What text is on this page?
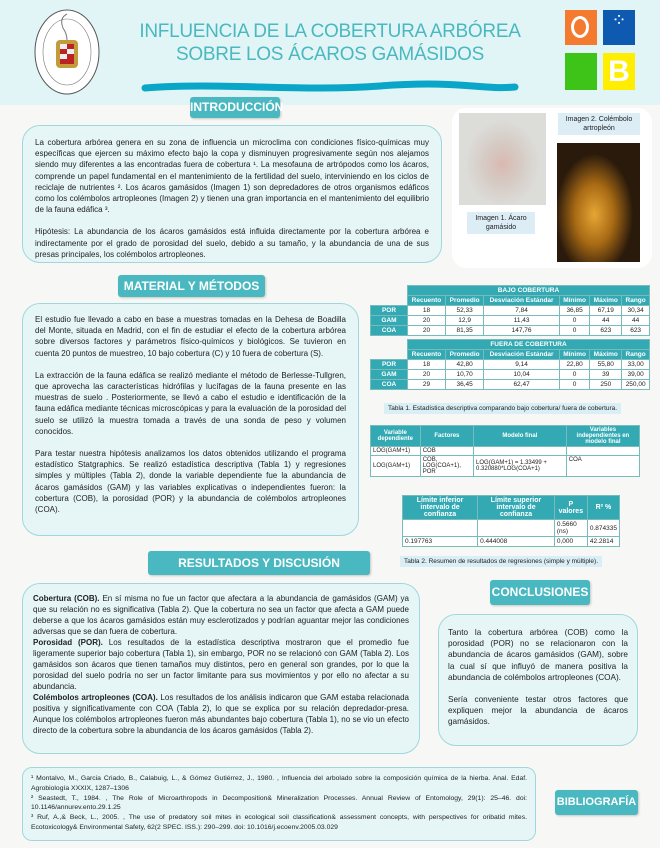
INFLUENCIA DE LA COBERTURA ARBÓREA SOBRE LOS ÁCAROS GAMÁSIDOS
⁘
B
INTRODUCCIÓN

La cobertura arbórea genera en su zona de influencia un microclima con condiciones físico-químicas muy específicas que ejercen su máximo efecto bajo la copa y disminuyen progresivamente según nos alejamos siendo muy diferentes a las encontradas fuera de cobertura ¹. La mesofauna de artrópodos como los ácaros, comprende un papel fundamental en el mantenimiento de la fertilidad del suelo, interviniendo en los ciclos de reciclaje de nutrientes ². Los ácaros gamásidos (Imagen 1) son depredadores de otros organismos edáficos como los colémbolos artropleones (Imagen 2) y tienen una gran importancia en el mantenimiento del equilibrio de la fauna edáfica ³.

Hipótesis: La abundancia de los ácaros gamásidos está influida directamente por la cobertura arbórea e indirectamente por el grado de porosidad del suelo, debido a su tamaño, y la abundancia de una de sus presas principales, los colémbolos artropleones.

Imagen 1. Ácaro gamásido
Imagen 2. Colémbolo artropleón
MATERIAL Y MÉTODOS

El estudio fue llevado a cabo en base a muestras tomadas en la Dehesa de Boadilla del Monte, situada en Madrid, con el fin de estudiar el efecto de la cobertura arbórea sobre diversos factores y parámetros físico-químicos y biológicos. Se tuvieron en cuenta 20 puntos de muestreo, 10 bajo cobertura (C) y 10 fuera de cobertura (S).

La extracción de la fauna edáfica se realizó mediante el método de Berlesse-Tullgren, que aprovecha las características hidrófilas y lucífagas de la fauna presente en las muestras de suelo . Posteriormente, se llevó a cabo el estudio e identificación de la fauna edáfica mediante técnicas microscópicas y para la evaluación de la porosidad del suelo se utilizó la muestra tomada a través de una sonda de peso y volumen conocidos.

Para testar nuestra hipótesis analizamos los datos obtenidos utilizando el programa estadístico Statgraphics. Se realizó estadística descriptiva (Tabla 1) y regresiones simples y múltiples (Tabla 2), donde la variable dependiente fue la abundancia de ácaros gamásidos (GAM) y las variables explicativas o independientes fueron: la cobertura (COB), la porosidad (POR) y la abundancia de colémbolos artropleones (COA).

	BAJO COBERTURA					
	Recuento	Promedio	Desviación Estándar	Mínimo	Máximo	Rango
POR	18	52,33	7,84	36,85	67,19	30,34
GAM	20	12,9	11,43	0	44	44
COA	20	81,35	147,76	0	623	623
	FUERA DE COBERTURA					
	Recuento	Promedio	Desviación Estándar	Mínimo	Máximo	Rango
POR	18	42,80	9,14	22,80	55,80	33,00
GAM	20	10,70	10,04	0	39	39,00
COA	29	36,45	62,47	0	250	250,00
Tabla 1. Estadística descriptiva comparando bajo cobertura/ fuera de cobertura.
Variable dependiente	Factores	Modelo final	Variables independientes en modelo final
LOG(GAM+1)	COB		
LOG(GAM+1)	COB, LOG(COA+1), POR	LOG(GAM+1) = 1.33499 + 0.320880*LOG(COA+1)	COA
Límite inferior intervalo de confianza	Límite superior intervalo de confianza	P valores	R² %
		0.5660 (ns)	0.874335
0.197763	0.444008	0,000	42.2814
Tabla 2. Resumen de resultados de regresiones (simple y múltiple).
RESULTADOS Y DISCUSIÓN
Cobertura (COB). En sí misma no fue un factor que afectara a la abundancia de gamásidos (GAM) ya que su relación no es significativa (Tabla 2). Que la cobertura no sea un factor que afecta a GAM puede deberse a que los ácaros gamásidos están muy esclerotizados y podrían aguantar mejor las condiciones adversas que se dan fuera de cobertura.
Porosidad (POR). Los resultados de la estadística descriptiva mostraron que el promedio fue ligeramente superior bajo cobertura (Tabla 1), sin embargo, POR no se relacionó con GAM (Tabla 2). Los gamásidos son ácaros que tienen tamaños muy distintos, pero en general son grandes, por lo que la porosidad del suelo podría no ser un factor limitante para sus movimientos y por ello no afectar a su abundancia.
Colémbolos artropleones (COA). Los resultados de los análisis indicaron que GAM estaba relacionada positiva y significativamente con COA (Tabla 2), lo que se explica por su relación depredador-presa. Aunque los colémbolos artropleones fueron más abundantes bajo cobertura (Tabla 1), no se vio un efecto directo de la cobertura sobre la abundancia de los ácaros gamásidos (Tabla 2).
CONCLUSIONES

Tanto la cobertura arbórea (COB) como la porosidad (POR) no se relacionaron con la abundancia de ácaros gamásidos (GAM), sobre la cual sí que influyó de manera positiva la abundancia de colémbolos artropleones (COA).

Sería conveniente testar otros factores que expliquen mejor la abundancia de ácaros gamásidos.

¹ Montalvo, M., Garcia Criado, B., Calabuig, L., & Gómez Gutiérrez, J., 1980. , Influencia del arbolado sobre la composición química de la hierba. Anal. Edaf. Agrobiología XXXIX, 1287–1306
² Seastedt, T., 1984. , The Role of Microarthropods in Decomposition& Mineralization Processes. Annual Review of Entomology, 29(1): 25–46. doi: 10.1146/annurev.ento.29.1.25
³ Ruf, A.,& Beck, L., 2005. , The use of predatory soil mites in ecological soil classification& assessment concepts, with perspectives for oribatid mites. Ecotoxicology& Environmental Safety, 62(2 SPEC. ISS.): 290–299. doi: 10.1016/j.ecoenv.2005.03.029
BIBLIOGRAFÍA
